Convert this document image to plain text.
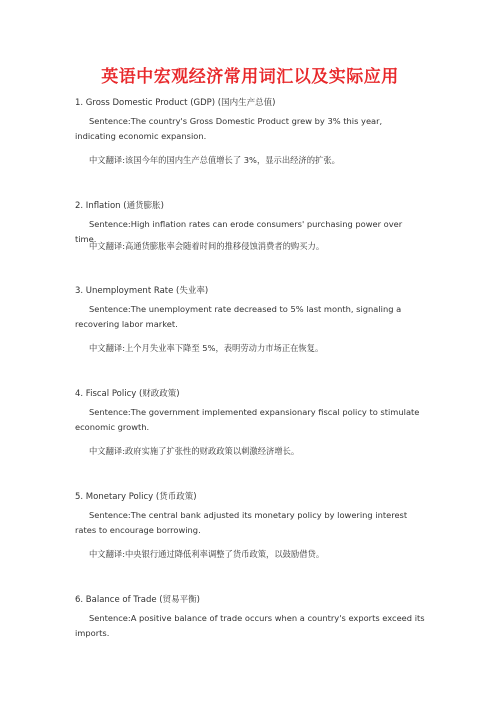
英语中宏观经济常用词汇以及实际应用
1. Gross Domestic Product (GDP) (国内生产总值)
Sentence:The country's Gross Domestic Product grew by 3% this year, indicating economic expansion.
中文翻译:该国今年的国内生产总值增长了 3%，显示出经济的扩张。
2. Inflation (通货膨胀)
Sentence:High inflation rates can erode consumers' purchasing power over time.
中文翻译:高通货膨胀率会随着时间的推移侵蚀消费者的购买力。
3. Unemployment Rate (失业率)
Sentence:The unemployment rate decreased to 5% last month, signaling a recovering labor market.
中文翻译:上个月失业率下降至 5%，表明劳动力市场正在恢复。
4. Fiscal Policy (财政政策)
Sentence:The government implemented expansionary fiscal policy to stimulate economic growth.
中文翻译:政府实施了扩张性的财政政策以刺激经济增长。
5. Monetary Policy (货币政策)
Sentence:The central bank adjusted its monetary policy by lowering interest rates to encourage borrowing.
中文翻译:中央银行通过降低利率调整了货币政策，以鼓励借贷。
6. Balance of Trade (贸易平衡)
Sentence:A positive balance of trade occurs when a country's exports exceed its imports.
